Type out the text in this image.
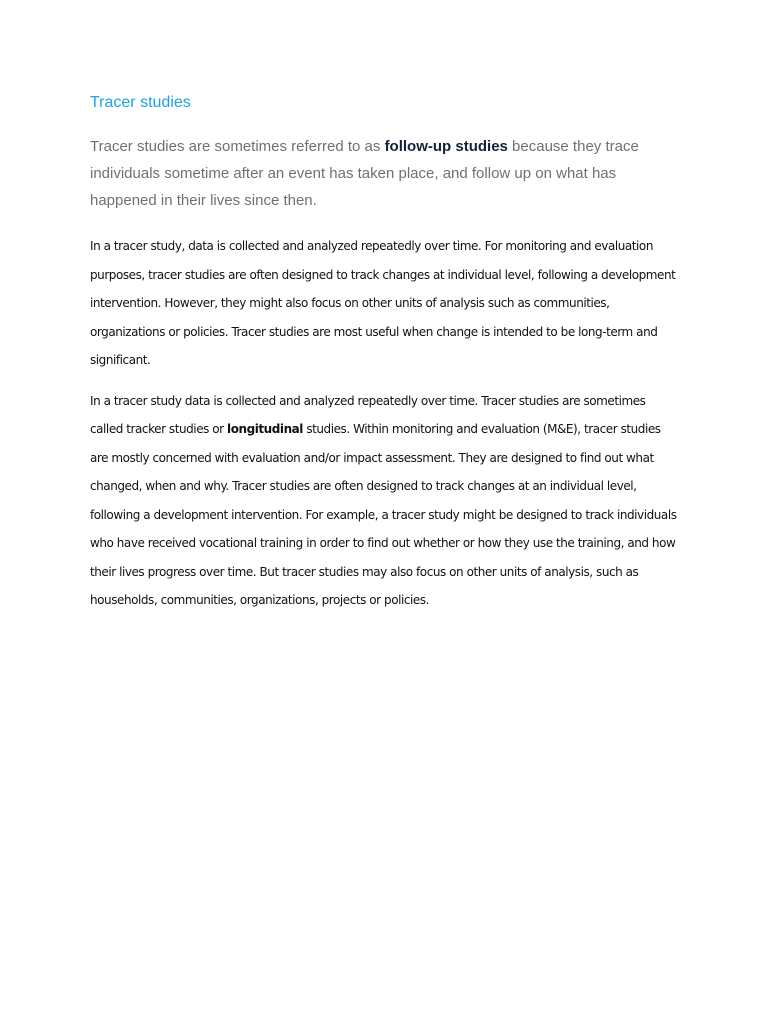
Tracer studies

Tracer studies are sometimes referred to as follow-up studies because they trace individuals sometime after an event has taken place, and follow up on what has happened in their lives since then.

In a tracer study, data is collected and analyzed repeatedly over time. For monitoring and evaluation purposes, tracer studies are often designed to track changes at individual level, following a development intervention. However, they might also focus on other units of analysis such as communities, organizations or policies. Tracer studies are most useful when change is intended to be long-term and significant.

In a tracer study data is collected and analyzed repeatedly over time. Tracer studies are sometimes called tracker studies or longitudinal studies. Within monitoring and evaluation (M&E), tracer studies are mostly concerned with evaluation and/or impact assessment. They are designed to find out what changed, when and why. Tracer studies are often designed to track changes at an individual level, following a development intervention. For example, a tracer study might be designed to track individuals who have received vocational training in order to find out whether or how they use the training, and how their lives progress over time. But tracer studies may also focus on other units of analysis, such as households, communities, organizations, projects or policies.
